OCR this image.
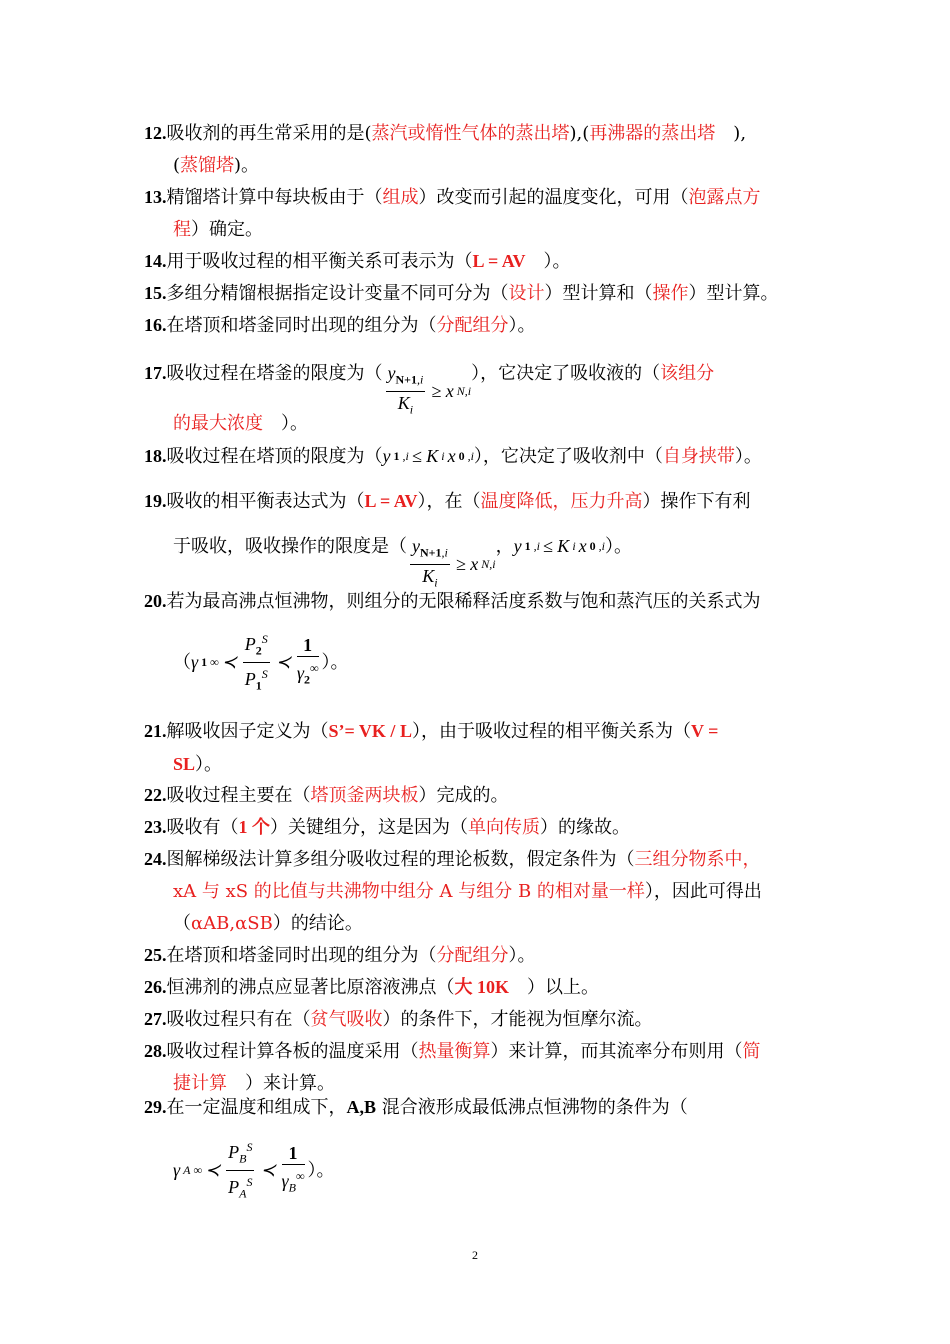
12.吸收剂的再生常采用的是(蒸汽或惰性气体的蒸出塔),(再沸器的蒸出塔　),
(蒸馏塔)。
13.精馏塔计算中每块板由于（组成）改变而引起的温度变化，可用（泡露点方
程）确定。
14.用于吸收过程的相平衡关系可表示为（L = AV　）。
15.多组分精馏根据指定设计变量不同可分为（设计）型计算和（操作）型计算。
16.在塔顶和塔釜同时出现的组分为（分配组分）。
17.吸收过程在塔釜的限度为（ $\frac{y_{N+1,i}}{K_i} \ge x$ N,i
），它决定了吸收液的（该组分
的最大浓度　）。
18.吸收过程在塔顶的限度为（y 1 ,i ≤ K i x 0 ,i ），它决定了吸收剂中（自身挟带）。
19.吸收的相平衡表达式为（L = AV），在（温度降低，压力升高）操作下有利
于吸收，吸收操作的限度是（ $\frac{y_{N+1,i}}{K_i} \ge x$ N,i
，y 1 ,i ≤ K i x 0 ,i ）。
20.若为最高沸点恒沸物，则组分的无限稀释活度系数与饱和蒸汽压的关系式为
（γ 1 ∞ ≺ $\frac{P_2^S}{P_1^S}$ ≺ $\frac{1}{\gamma_2^\infty}$ ）。
21.解吸收因子定义为（S’= VK / L），由于吸收过程的相平衡关系为（V =
SL）。
22.吸收过程主要在（塔顶釜两块板）完成的。
23.吸收有（1 个）关键组分，这是因为（单向传质）的缘故。
24.图解梯级法计算多组分吸收过程的理论板数，假定条件为（三组分物系中，
xA 与 xS 的比值与共沸物中组分 A 与组分 B 的相对量一样），因此可得出
（αAB,αSB）的结论。
25.在塔顶和塔釜同时出现的组分为（分配组分）。
26.恒沸剂的沸点应显著比原溶液沸点（大 10K　）以上。
27.吸收过程只有在（贫气吸收）的条件下，才能视为恒摩尔流。
28.吸收过程计算各板的温度采用（热量衡算）来计算，而其流率分布则用（简
捷计算　）来计算。
29.在一定温度和组成下，A,B 混合液形成最低沸点恒沸物的条件为（
γ A ∞ ≺ $\frac{P_B^S}{P_A^S}$ ≺ $\frac{1}{\gamma_B^\infty}$ ）。
2
